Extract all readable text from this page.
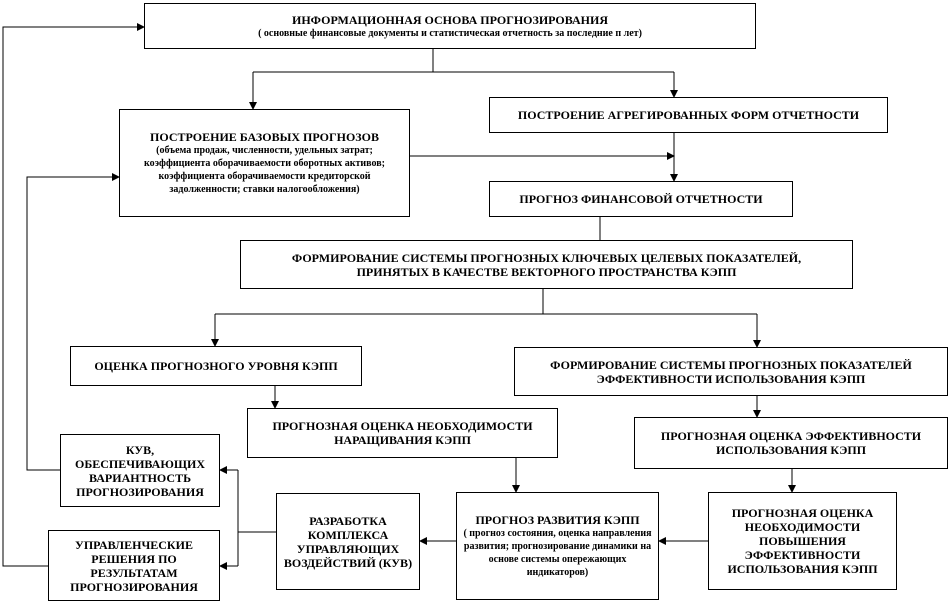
ИНФОРМАЦИОННАЯ ОСНОВА ПРОГНОЗИРОВАНИЯ
( основные финансовые документы и статистическая отчетность за последние п лет)
ПОСТРОЕНИЕ БАЗОВЫХ ПРОГНОЗОВ
(объема продаж, численности, удельных затрат; коэффициента оборачиваемости оборотных активов; коэффициента оборачиваемости кредиторской задолженности; ставки налогообложения)
ПОСТРОЕНИЕ АГРЕГИРОВАННЫХ ФОРМ ОТЧЕТНОСТИ
ПРОГНОЗ ФИНАНСОВОЙ ОТЧЕТНОСТИ
ФОРМИРОВАНИЕ СИСТЕМЫ ПРОГНОЗНЫХ КЛЮЧЕВЫХ ЦЕЛЕВЫХ ПОКАЗАТЕЛЕЙ, ПРИНЯТЫХ В КАЧЕСТВЕ ВЕКТОРНОГО ПРОСТРАНСТВА КЭПП
ОЦЕНКА ПРОГНОЗНОГО УРОВНЯ КЭПП	ФОРМИРОВАНИЕ СИСТЕМЫ ПРОГНОЗНЫХ ПОКАЗАТЕЛЕЙ ЭФФЕКТИВНОСТИ ИСПОЛЬЗОВАНИЯ КЭПП
ПРОГНОЗНАЯ ОЦЕНКА НЕОБХОДИМОСТИ НАРАЩИВАНИЯ КЭПП	ПРОГНОЗНАЯ ОЦЕНКА ЭФФЕКТИВНОСТИ ИСПОЛЬЗОВАНИЯ КЭПП
КУВ, ОБЕСПЕЧИВАЮЩИХ ВАРИАНТНОСТЬ ПРОГНОЗИРОВАНИЯ
РАЗРАБОТКА КОМПЛЕКСА УПРАВЛЯЮЩИХ ВОЗДЕЙСТВИЙ (КУВ)
ПРОГНОЗ РАЗВИТИЯ КЭПП
( прогноз состояния, оценка направления развития; прогнозирование динамики на основе системы опережающих индикаторов)
ПРОГНОЗНАЯ ОЦЕНКА НЕОБХОДИМОСТИ ПОВЫШЕНИЯ ЭФФЕКТИВНОСТИ ИСПОЛЬЗОВАНИЯ КЭПП
УПРАВЛЕНЧЕСКИЕ РЕШЕНИЯ ПО РЕЗУЛЬТАТАМ ПРОГНОЗИРОВАНИЯ
